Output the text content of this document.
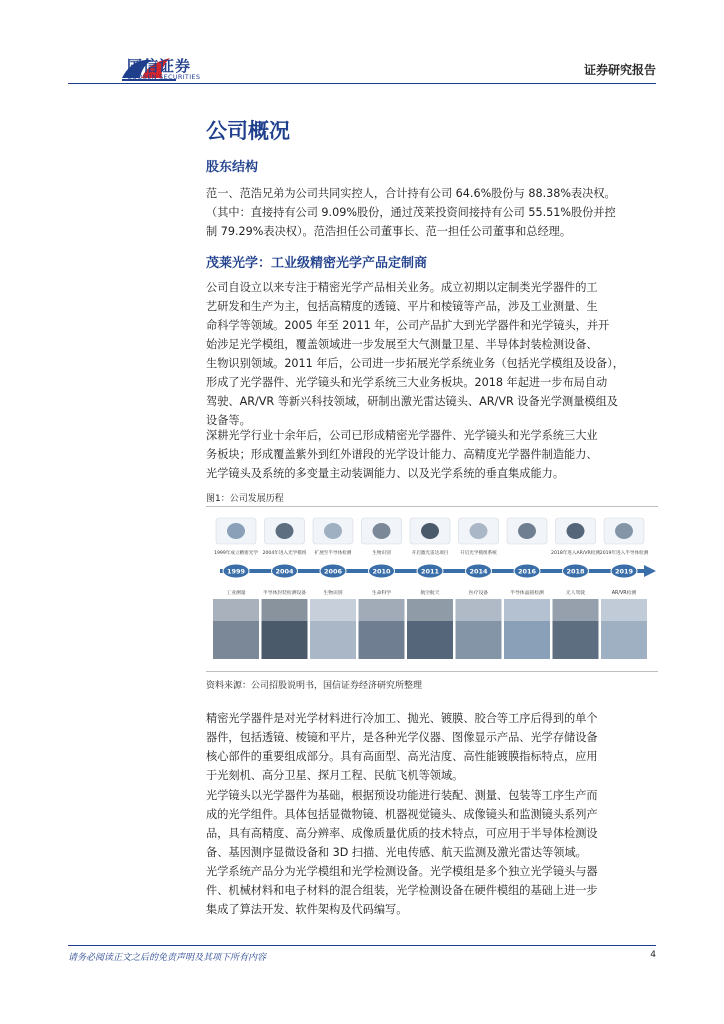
国信证券
GUOSEN SECURITIES	证券研究报告
公司概况
股东结构
范一、范浩兄弟为公司共同实控人，合计持有公司 64.6%股份与 88.38%表决权。
（其中：直接持有公司 9.09%股份，通过茂莱投资间接持有公司 55.51%股份并控
制 79.29%表决权）。范浩担任公司董事长、范一担任公司董事和总经理。
茂莱光学：工业级精密光学产品定制商
公司自设立以来专注于精密光学产品相关业务。成立初期以定制类光学器件的工
艺研发和生产为主，包括高精度的透镜、平片和棱镜等产品，涉及工业测量、生
命科学等领域。2005 年至 2011 年，公司产品扩大到光学器件和光学镜头，并开
始涉足光学模组，覆盖领域进一步发展至大气测量卫星、半导体封装检测设备、
生物识别领域。2011 年后，公司进一步拓展光学系统业务（包括光学模组及设备），
形成了光学器件、光学镜头和光学系统三大业务板块。2018 年起进一步布局自动
驾驶、AR/VR 等新兴科技领域，研制出激光雷达镜头、AR/VR 设备光学测量模组及
设备等。
深耕光学行业十余年后，公司已形成精密光学器件、光学镜头和光学系统三大业
务板块；形成覆盖紫外到红外谱段的光学设计能力、高精度光学器件制造能力、
光学镜头及系统的多变量主动装调能力、以及光学系统的垂直集成能力。
图1：公司发展历程
1999年成立精密光学 2004年进入光学模组 扩展至半导体检测	生物识别	开启激光雷达项目	开启光学模组系统	2018年进入AR/VR检测 2019年进入半导体检测
1999	2004	2006	2010	2011	2014	2016	2018	2019
工业测量	半导体封装检测设备	生物识别	生命科学	航空航天	医疗设备	半导体晶圆检测	无人驾驶	AR/VR检测
资料来源：公司招股说明书，国信证券经济研究所整理
精密光学器件是对光学材料进行冷加工、抛光、镀膜、胶合等工序后得到的单个
器件，包括透镜、棱镜和平片，是各种光学仪器、图像显示产品、光学存储设备
核心部件的重要组成部分。具有高面型、高光洁度、高性能镀膜指标特点，应用
于光刻机、高分卫星、探月工程、民航飞机等领域。
光学镜头以光学器件为基础，根据预设功能进行装配、测量、包装等工序生产而
成的光学组件。具体包括显微物镜、机器视觉镜头、成像镜头和监测镜头系列产
品，具有高精度、高分辨率、成像质量优质的技术特点，可应用于半导体检测设
备、基因测序显微设备和 3D 扫描、光电传感、航天监测及激光雷达等领域。
光学系统产品分为光学模组和光学检测设备。光学模组是多个独立光学镜头与器
件、机械材料和电子材料的混合组装，光学检测设备在硬件模组的基础上进一步
集成了算法开发、软件架构及代码编写。
请务必阅读正文之后的免责声明及其项下所有内容	4
